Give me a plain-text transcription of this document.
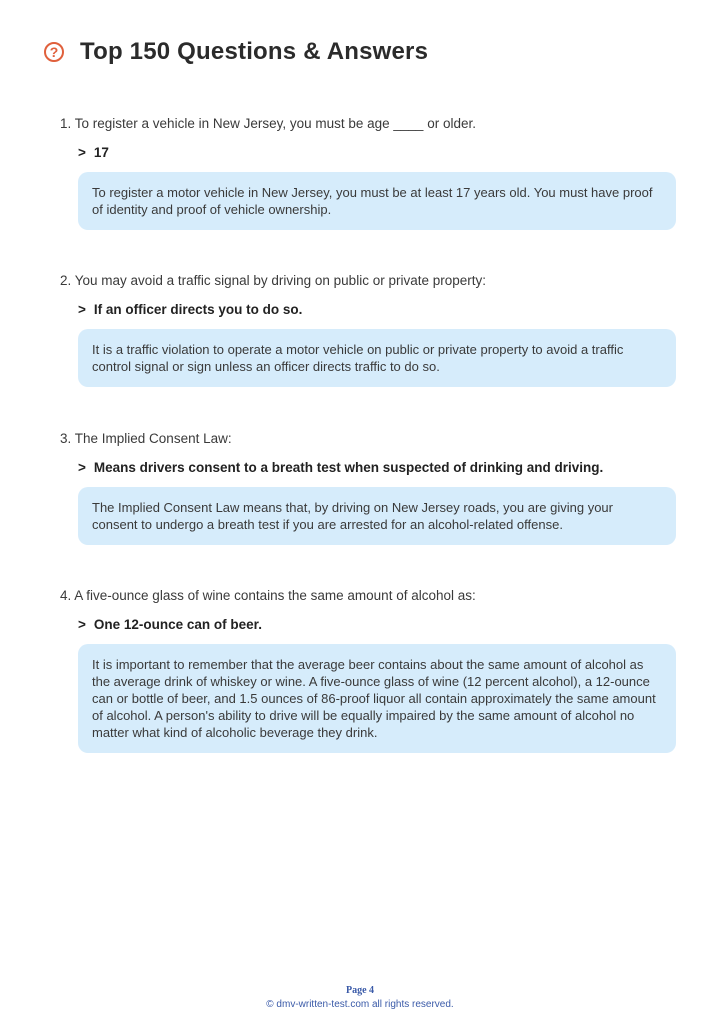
? Top 150 Questions & Answers
1. To register a vehicle in New Jersey, you must be age ____ or older.
> 17
To register a motor vehicle in New Jersey, you must be at least 17 years old. You must have proof of identity and proof of vehicle ownership.
2. You may avoid a traffic signal by driving on public or private property:
> If an officer directs you to do so.
It is a traffic violation to operate a motor vehicle on public or private property to avoid a traffic control signal or sign unless an officer directs traffic to do so.
3. The Implied Consent Law:
> Means drivers consent to a breath test when suspected of drinking and driving.
The Implied Consent Law means that, by driving on New Jersey roads, you are giving your consent to undergo a breath test if you are arrested for an alcohol-related offense.
4. A five-ounce glass of wine contains the same amount of alcohol as:
> One 12-ounce can of beer.
It is important to remember that the average beer contains about the same amount of alcohol as the average drink of whiskey or wine. A five-ounce glass of wine (12 percent alcohol), a 12-ounce can or bottle of beer, and 1.5 ounces of 86-proof liquor all contain approximately the same amount of alcohol. A person's ability to drive will be equally impaired by the same amount of alcohol no matter what kind of alcoholic beverage they drink.
Page 4
© dmv-written-test.com all rights reserved.
